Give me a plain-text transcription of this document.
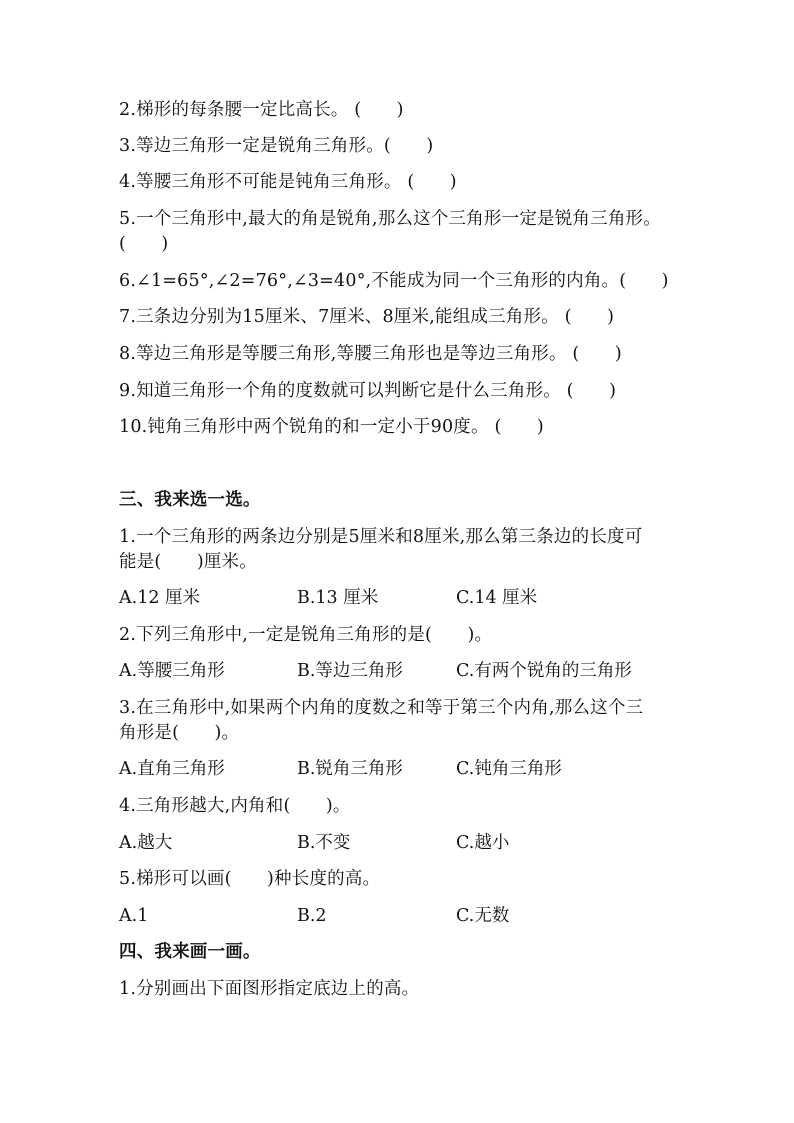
2.梯形的每条腰一定比高长。 (　　)
3.等边三角形一定是锐角三角形。(　　)
4.等腰三角形不可能是钝角三角形。 (　　)
5.一个三角形中,最大的角是锐角,那么这个三角形一定是锐角三角形。
(　　)
6.∠1=65°,∠2=76°,∠3=40°,不能成为同一个三角形的内角。(　　)
7.三条边分别为15厘米、7厘米、8厘米,能组成三角形。 (　　)
8.等边三角形是等腰三角形,等腰三角形也是等边三角形。 (　　)
9.知道三角形一个角的度数就可以判断它是什么三角形。 (　　)
10.钝角三角形中两个锐角的和一定小于90度。 (　　)
三、我来选一选。
1.一个三角形的两条边分别是5厘米和8厘米,那么第三条边的长度可
能是(　　)厘米。
A.12 厘米	B.13 厘米	C.14 厘米
2.下列三角形中,一定是锐角三角形的是(　　)。
A.等腰三角形	B.等边三角形	C.有两个锐角的三角形
3.在三角形中,如果两个内角的度数之和等于第三个内角,那么这个三
角形是(　　)。
A.直角三角形	B.锐角三角形	C.钝角三角形
4.三角形越大,内角和(　　)。
A.越大	B.不变	C.越小
5.梯形可以画(　　)种长度的高。
A.1	B.2	C.无数
四、我来画一画。
1.分别画出下面图形指定底边上的高。
